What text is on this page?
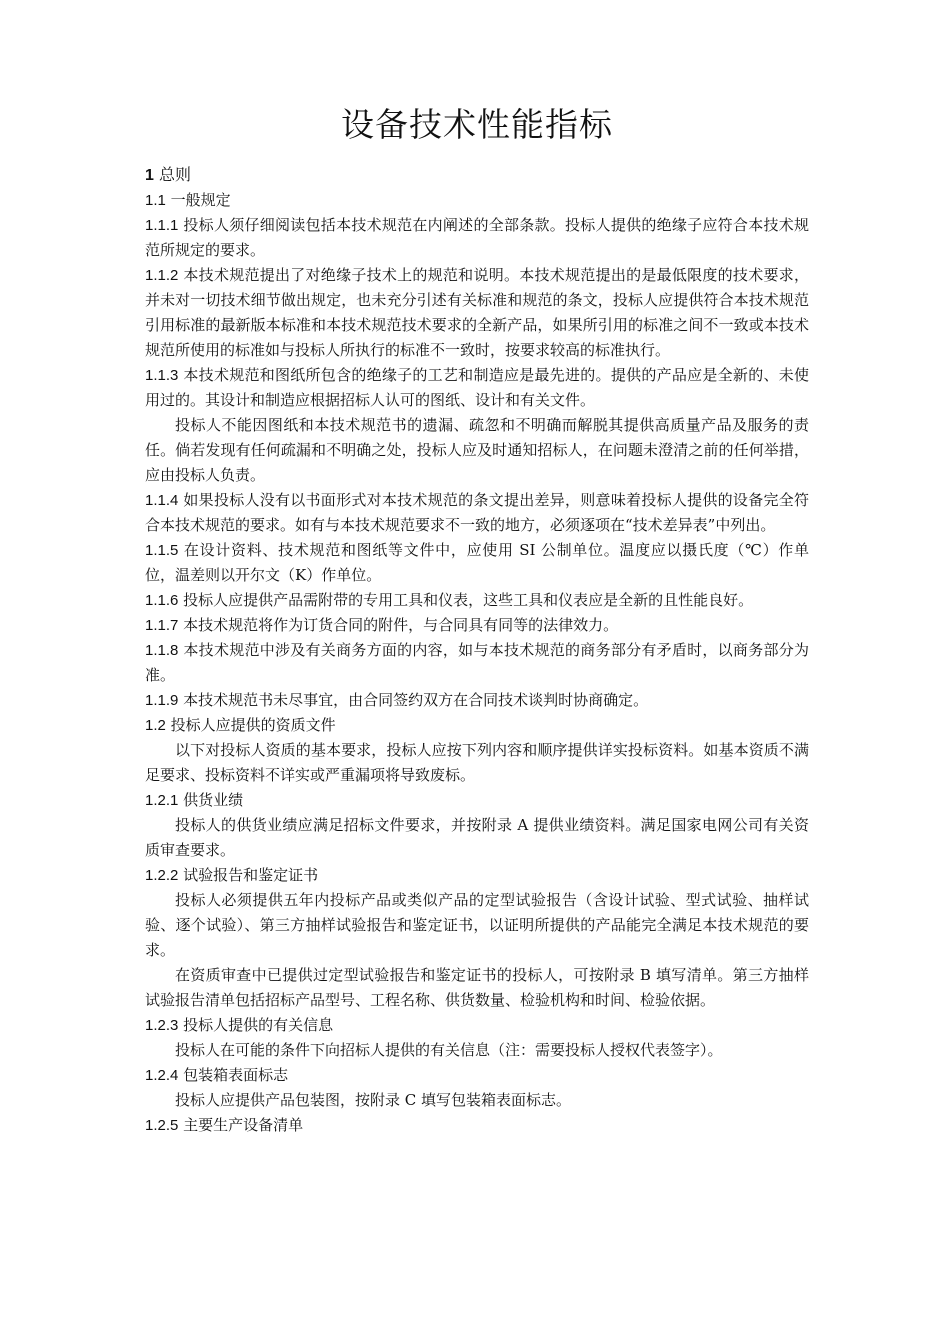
设备技术性能指标

1 总则

1.1 一般规定

1.1.1 投标人须仔细阅读包括本技术规范在内阐述的全部条款。投标人提供的绝缘子应符合本技术规范所规定的要求。

1.1.2 本技术规范提出了对绝缘子技术上的规范和说明。本技术规范提出的是最低限度的技术要求，并未对一切技术细节做出规定，也未充分引述有关标准和规范的条文，投标人应提供符合本技术规范引用标准的最新版本标准和本技术规范技术要求的全新产品，如果所引用的标准之间不一致或本技术规范所使用的标准如与投标人所执行的标准不一致时，按要求较高的标准执行。

1.1.3 本技术规范和图纸所包含的绝缘子的工艺和制造应是最先进的。提供的产品应是全新的、未使用过的。其设计和制造应根据招标人认可的图纸、设计和有关文件。

投标人不能因图纸和本技术规范书的遗漏、疏忽和不明确而解脱其提供高质量产品及服务的责任。倘若发现有任何疏漏和不明确之处，投标人应及时通知招标人，在问题未澄清之前的任何举措，应由投标人负责。

1.1.4 如果投标人没有以书面形式对本技术规范的条文提出差异，则意味着投标人提供的设备完全符合本技术规范的要求。如有与本技术规范要求不一致的地方，必须逐项在“技术差异表”中列出。

1.1.5 在设计资料、技术规范和图纸等文件中，应使用 SI 公制单位。温度应以摄氏度（℃）作单位，温差则以开尔文（K）作单位。

1.1.6 投标人应提供产品需附带的专用工具和仪表，这些工具和仪表应是全新的且性能良好。

1.1.7 本技术规范将作为订货合同的附件，与合同具有同等的法律效力。

1.1.8 本技术规范中涉及有关商务方面的内容，如与本技术规范的商务部分有矛盾时，以商务部分为准。

1.1.9 本技术规范书未尽事宜，由合同签约双方在合同技术谈判时协商确定。

1.2 投标人应提供的资质文件

以下对投标人资质的基本要求，投标人应按下列内容和顺序提供详实投标资料。如基本资质不满足要求、投标资料不详实或严重漏项将导致废标。

1.2.1 供货业绩

投标人的供货业绩应满足招标文件要求，并按附录 A 提供业绩资料。满足国家电网公司有关资质审查要求。

1.2.2 试验报告和鉴定证书

投标人必须提供五年内投标产品或类似产品的定型试验报告（含设计试验、型式试验、抽样试验、逐个试验）、第三方抽样试验报告和鉴定证书，以证明所提供的产品能完全满足本技术规范的要求。

在资质审查中已提供过定型试验报告和鉴定证书的投标人，可按附录 B 填写清单。第三方抽样试验报告清单包括招标产品型号、工程名称、供货数量、检验机构和时间、检验依据。

1.2.3 投标人提供的有关信息

投标人在可能的条件下向招标人提供的有关信息（注：需要投标人授权代表签字）。

1.2.4 包装箱表面标志

投标人应提供产品包装图，按附录 C 填写包装箱表面标志。

1.2.5 主要生产设备清单
